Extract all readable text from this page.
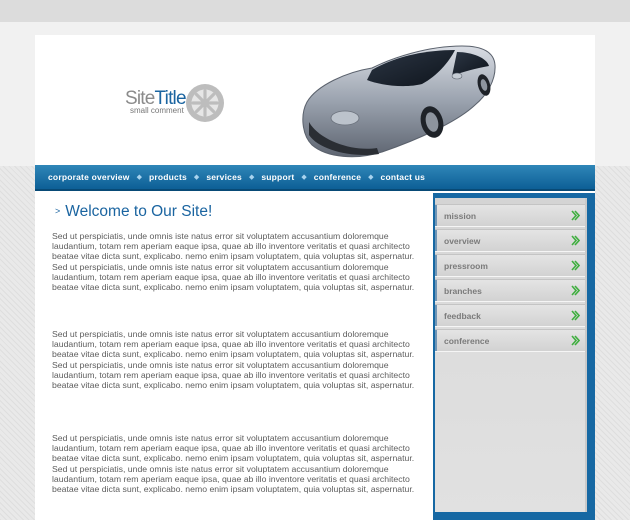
SiteTitle
small comment
corporate overview ◆ products ◆ services ◆ support ◆ conference ◆ contact us
> Welcome to Our Site!

Sed ut perspiciatis, unde omnis iste natus error sit voluptatem accusantium doloremque laudantium, totam rem aperiam eaque ipsa, quae ab illo inventore veritatis et quasi architecto beatae vitae dicta sunt, explicabo. nemo enim ipsam voluptatem, quia voluptas sit, aspernatur. Sed ut perspiciatis, unde omnis iste natus error sit voluptatem accusantium doloremque laudantium, totam rem aperiam eaque ipsa, quae ab illo inventore veritatis et quasi architecto beatae vitae dicta sunt, explicabo. nemo enim ipsam voluptatem, quia voluptas sit, aspernatur.

Sed ut perspiciatis, unde omnis iste natus error sit voluptatem accusantium doloremque laudantium, totam rem aperiam eaque ipsa, quae ab illo inventore veritatis et quasi architecto beatae vitae dicta sunt, explicabo. nemo enim ipsam voluptatem, quia voluptas sit, aspernatur. Sed ut perspiciatis, unde omnis iste natus error sit voluptatem accusantium doloremque laudantium, totam rem aperiam eaque ipsa, quae ab illo inventore veritatis et quasi architecto beatae vitae dicta sunt, explicabo. nemo enim ipsam voluptatem, quia voluptas sit, aspernatur.

Sed ut perspiciatis, unde omnis iste natus error sit voluptatem accusantium doloremque laudantium, totam rem aperiam eaque ipsa, quae ab illo inventore veritatis et quasi architecto beatae vitae dicta sunt, explicabo. nemo enim ipsam voluptatem, quia voluptas sit, aspernatur. Sed ut perspiciatis, unde omnis iste natus error sit voluptatem accusantium doloremque laudantium, totam rem aperiam eaque ipsa, quae ab illo inventore veritatis et quasi architecto beatae vitae dicta sunt, explicabo. nemo enim ipsam voluptatem, quia voluptas sit, aspernatur.

mission
overview
pressroom
branches
feedback
conference
